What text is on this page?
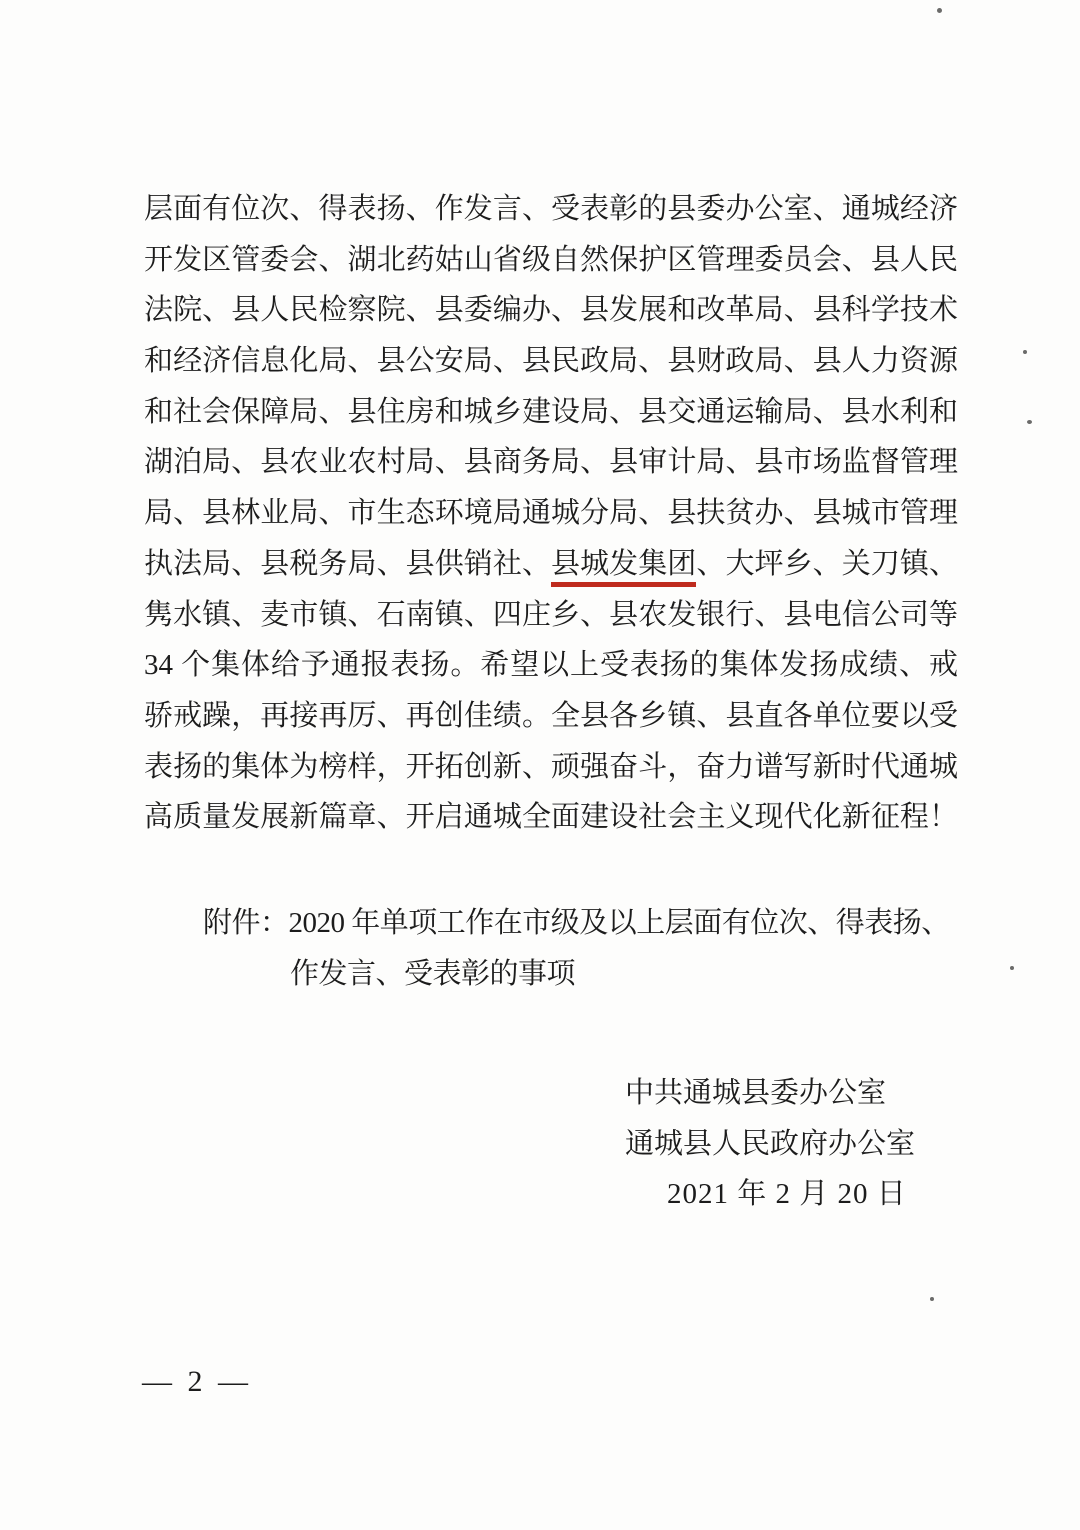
层面有位次、得表扬、作发言、受表彰的县委办公室、通城经济
开发区管委会、湖北药姑山省级自然保护区管理委员会、县人民
法院、县人民检察院、县委编办、县发展和改革局、县科学技术
和经济信息化局、县公安局、县民政局、县财政局、县人力资源
和社会保障局、县住房和城乡建设局、县交通运输局、县水利和
湖泊局、县农业农村局、县商务局、县审计局、县市场监督管理
局、县林业局、市生态环境局通城分局、县扶贫办、县城市管理
执法局、县税务局、县供销社、县城发集团、大坪乡、关刀镇、
隽水镇、麦市镇、石南镇、四庄乡、县农发银行、县电信公司等
34 个集体给予通报表扬。希望以上受表扬的集体发扬成绩、戒
骄戒躁，再接再厉、再创佳绩。全县各乡镇、县直各单位要以受
表扬的集体为榜样，开拓创新、顽强奋斗，奋力谱写新时代通城
高质量发展新篇章、开启通城全面建设社会主义现代化新征程！
附件：2020 年单项工作在市级及以上层面有位次、得表扬、
作发言、受表彰的事项
中共通城县委办公室
通城县人民政府办公室
2021 年 2 月 20 日
— 2 —
